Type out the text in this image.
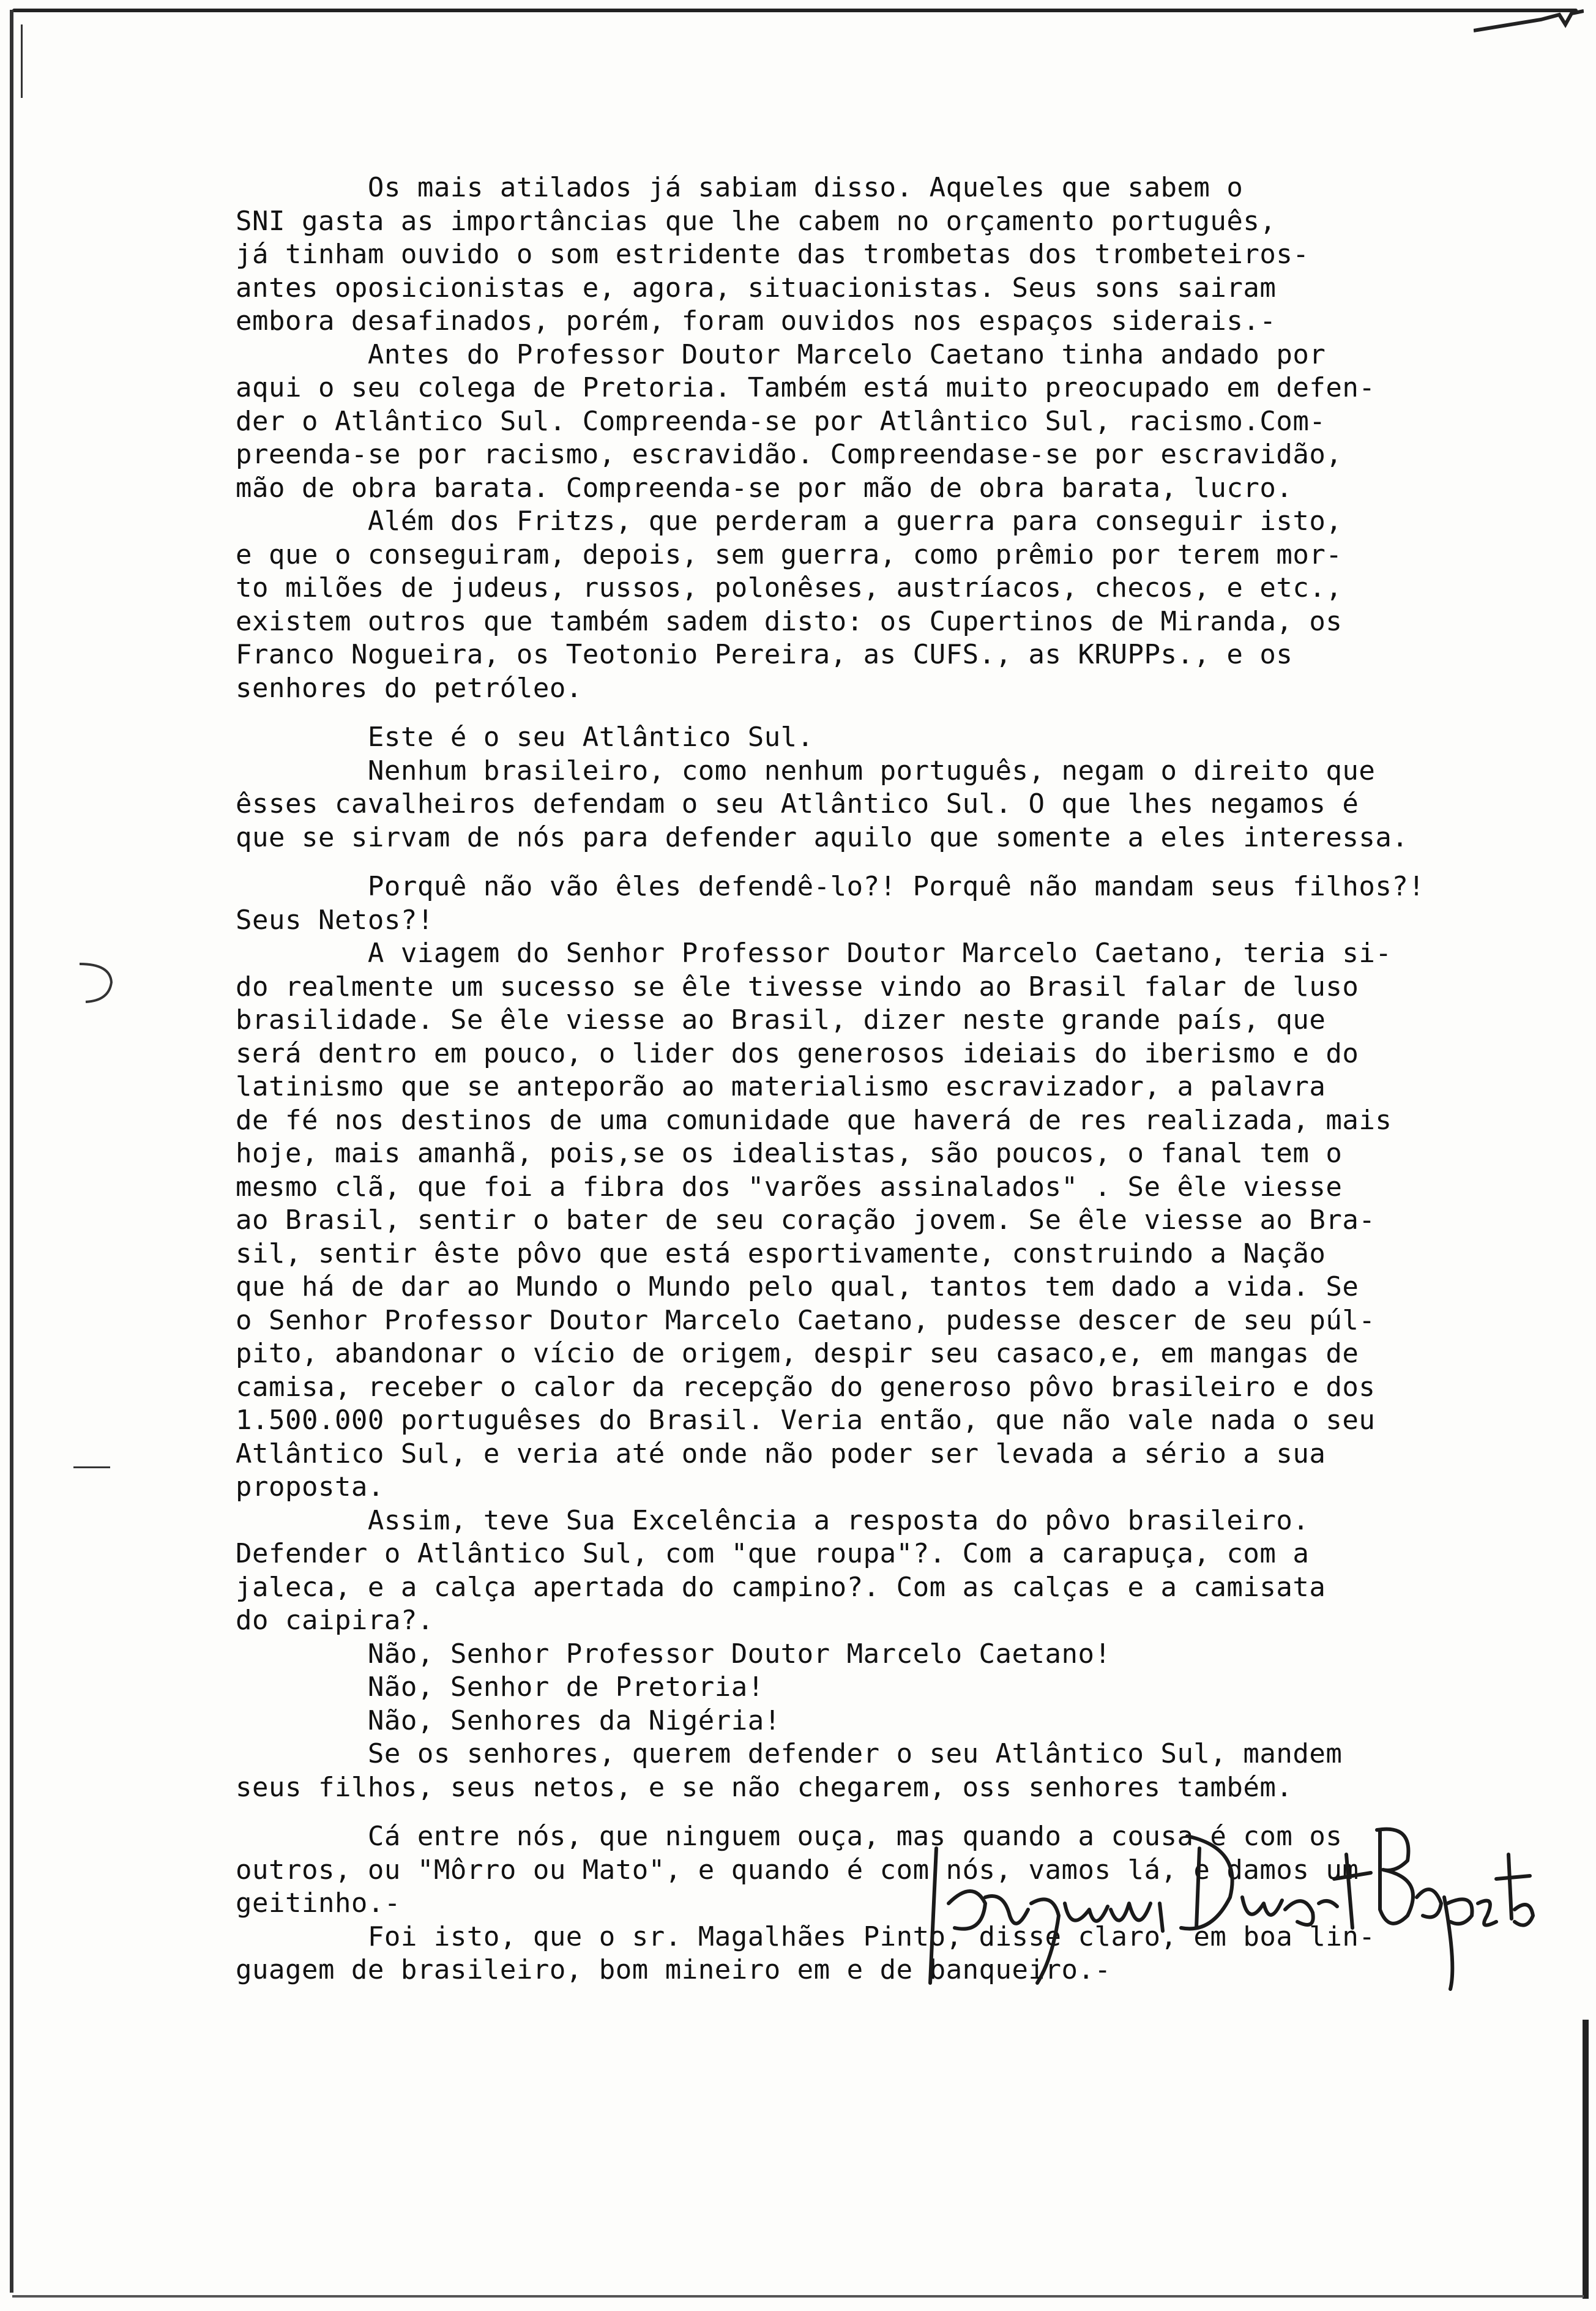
Os mais atilados já sabiam disso. Aqueles que sabem o
SNI gasta as importâncias que lhe cabem no orçamento português,
já tinham ouvido o som estridente das trombetas dos trombeteiros-
antes oposicionistas e, agora, situacionistas. Seus sons sairam
embora desafinados, porém, foram ouvidos nos espaços siderais.-
Antes do Professor Doutor Marcelo Caetano tinha andado por
aqui o seu colega de Pretoria. Também está muito preocupado em defen-
der o Atlântico Sul. Compreenda-se por Atlântico Sul, racismo.Com-
preenda-se por racismo, escravidão. Compreendase-se por escravidão,
mão de obra barata. Compreenda-se por mão de obra barata, lucro.
Além dos Fritzs, que perderam a guerra para conseguir isto,
e que o conseguiram, depois, sem guerra, como prêmio por terem mor-
to milões de judeus, russos, polonêses, austríacos, checos, e etc.,
existem outros que também sadem disto: os Cupertinos de Miranda, os
Franco Nogueira, os Teotonio Pereira, as CUFS., as KRUPPs., e os
senhores do petróleo.
Este é o seu Atlântico Sul.
Nenhum brasileiro, como nenhum português, negam o direito que
êsses cavalheiros defendam o seu Atlântico Sul. O que lhes negamos é
que se sirvam de nós para defender aquilo que somente a eles interessa.
Porquê não vão êles defendê-lo?! Porquê não mandam seus filhos?!
Seus Netos?!
A viagem do Senhor Professor Doutor Marcelo Caetano, teria si-
do realmente um sucesso se êle tivesse vindo ao Brasil falar de luso
brasilidade. Se êle viesse ao Brasil, dizer neste grande país, que
será dentro em pouco, o lider dos generosos ideiais do iberismo e do
latinismo que se anteporão ao materialismo escravizador, a palavra
de fé nos destinos de uma comunidade que haverá de res realizada, mais
hoje, mais amanhã, pois,se os idealistas, são poucos, o fanal tem o
mesmo clã, que foi a fibra dos "varões assinalados" . Se êle viesse
ao Brasil, sentir o bater de seu coração jovem. Se êle viesse ao Bra-
sil, sentir êste pôvo que está esportivamente, construindo a Nação
que há de dar ao Mundo o Mundo pelo qual, tantos tem dado a vida. Se
o Senhor Professor Doutor Marcelo Caetano, pudesse descer de seu púl-
pito, abandonar o vício de origem, despir seu casaco,e, em mangas de
camisa, receber o calor da recepção do generoso pôvo brasileiro e dos
1.500.000 portuguêses do Brasil. Veria então, que não vale nada o seu
Atlântico Sul, e veria até onde não poder ser levada a sério a sua
proposta.
Assim, teve Sua Excelência a resposta do pôvo brasileiro.
Defender o Atlântico Sul, com "que roupa"?. Com a carapuça, com a
jaleca, e a calça apertada do campino?. Com as calças e a camisata
do caipira?.
Não, Senhor Professor Doutor Marcelo Caetano!
Não, Senhor de Pretoria!
Não, Senhores da Nigéria!
Se os senhores, querem defender o seu Atlântico Sul, mandem
seus filhos, seus netos, e se não chegarem, oss senhores também.
Cá entre nós, que ninguem ouça, mas quando a cousa é com os
outros, ou "Môrro ou Mato", e quando é com nós, vamos lá, e damos um
geitinho.-
Foi isto, que o sr. Magalhães Pinto, disse claro, em boa lin-
guagem de brasileiro, bom mineiro em e de banqueiro.-
